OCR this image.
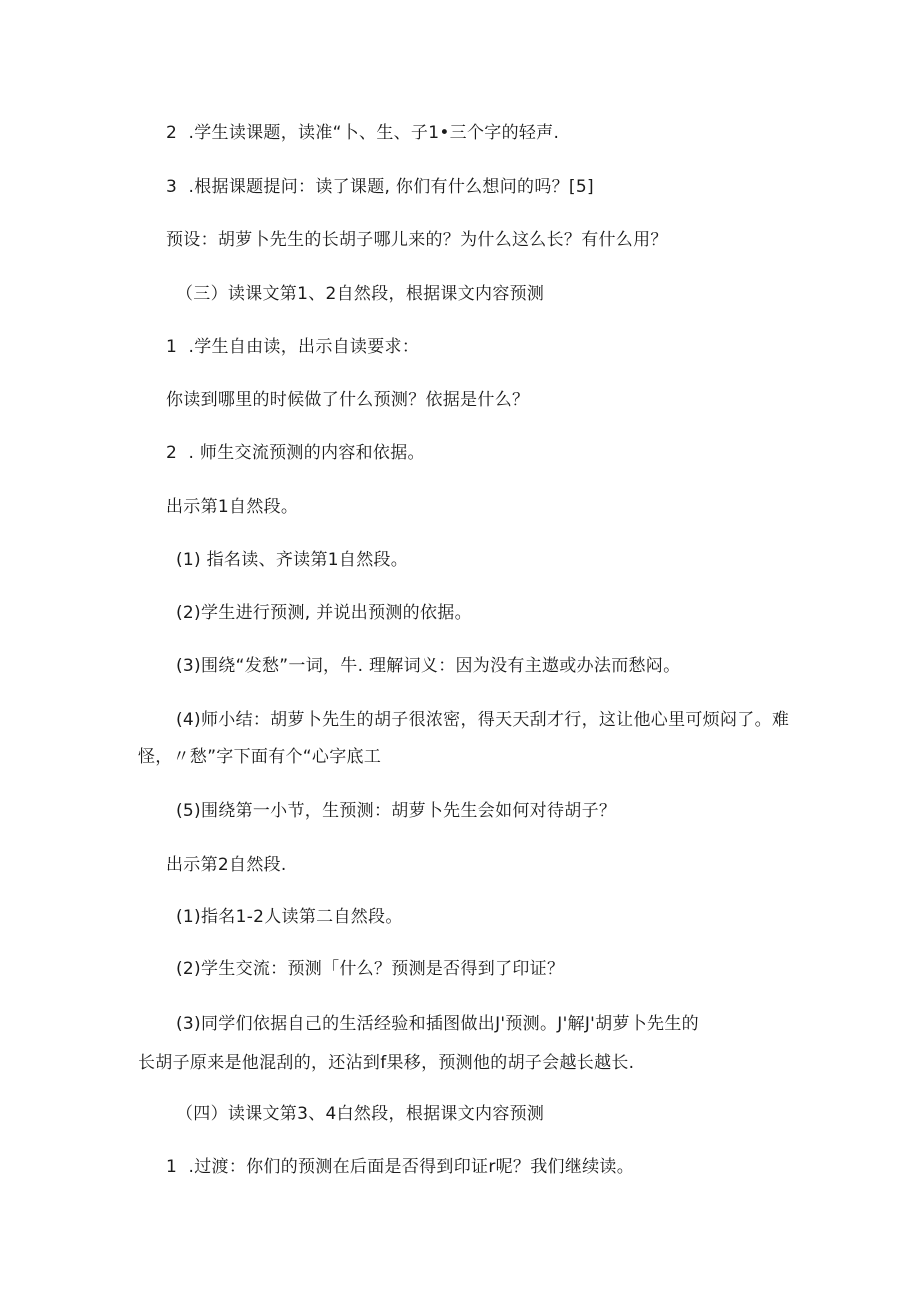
2  .学生读课题，读准“卜、生、子1•三个字的轻声.
3  .根据课题提问：读了课题, 你们有什么想问的吗？[5]
预设：胡萝卜先生的长胡子哪儿来的？为什么这么长？有什么用？
（三）读课文第1、2自然段，根据课文内容预测
1  .学生自由读，出示自读要求：
你读到哪里的时候做了什么预测？依据是什么？
2  . 师生交流预测的内容和依据。
出示第1自然段。
(1) 指名读、齐读第1自然段。
(2)学生进行预测, 并说出预测的依据。
(3)围绕“发愁”一词，牛. 理解词义：因为没有主遨或办法而愁闷。
(4)师小结：胡萝卜先生的胡子很浓密，得天天刮才行，这让他心里可烦闷了。难
怪，〃愁”字下面有个“心字底工
(5)围绕第一小节，生预测：胡萝卜先生会如何对待胡子？
出示第2自然段.
(1)指名1-2人读第二自然段。
(2)学生交流：预测「什么？预测是否得到了印证？
(3)同学们依据自己的生活经验和插图做出J'预测。J'解J'胡萝卜先生的
长胡子原来是他混刮的，还沾到f果移，预测他的胡子会越长越长.
（四）读课文第3、4白然段，根据课文内容预测
1  .过渡：你们的预测在后面是否得到印证r呢？我们继续读。
